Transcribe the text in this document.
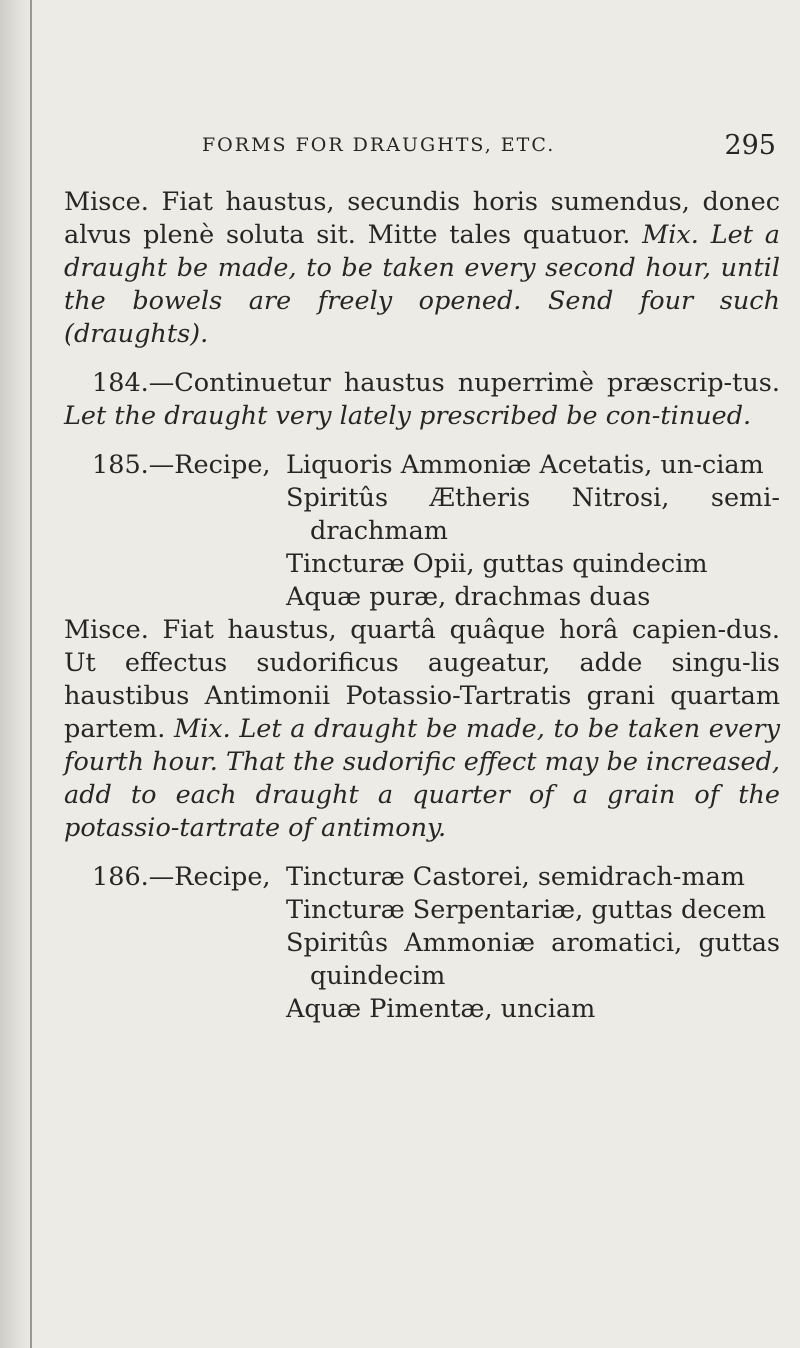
FORMS FOR DRAUGHTS, ETC.	295

Misce. Fiat haustus, secundis horis sumendus, donec alvus plenè soluta sit. Mitte tales quatuor. Mix. Let a draught be made, to be taken every second hour, until the bowels are freely opened. Send four such (draughts).

184.—Continuetur haustus nuperrimè præscrip-tus. Let the draught very lately prescribed be con-tinued.

185.—Recipe, Liquoris Ammoniæ Acetatis, un-ciam

Spiritûs Ætheris Nitrosi, semi-drachmam

Tincturæ Opii, guttas quindecim

Aquæ puræ, drachmas duas

Misce. Fiat haustus, quartâ quâque horâ capien-dus. Ut effectus sudorificus augeatur, adde singu-lis haustibus Antimonii Potassio-Tartratis grani quartam partem. Mix. Let a draught be made, to be taken every fourth hour. That the sudorific effect may be increased, add to each draught a quarter of a grain of the potassio-tartrate of antimony.

186.—Recipe, Tincturæ Castorei, semidrach-mam

Tincturæ Serpentariæ, guttas decem

Spiritûs Ammoniæ aromatici, guttas quindecim

Aquæ Pimentæ, unciam
